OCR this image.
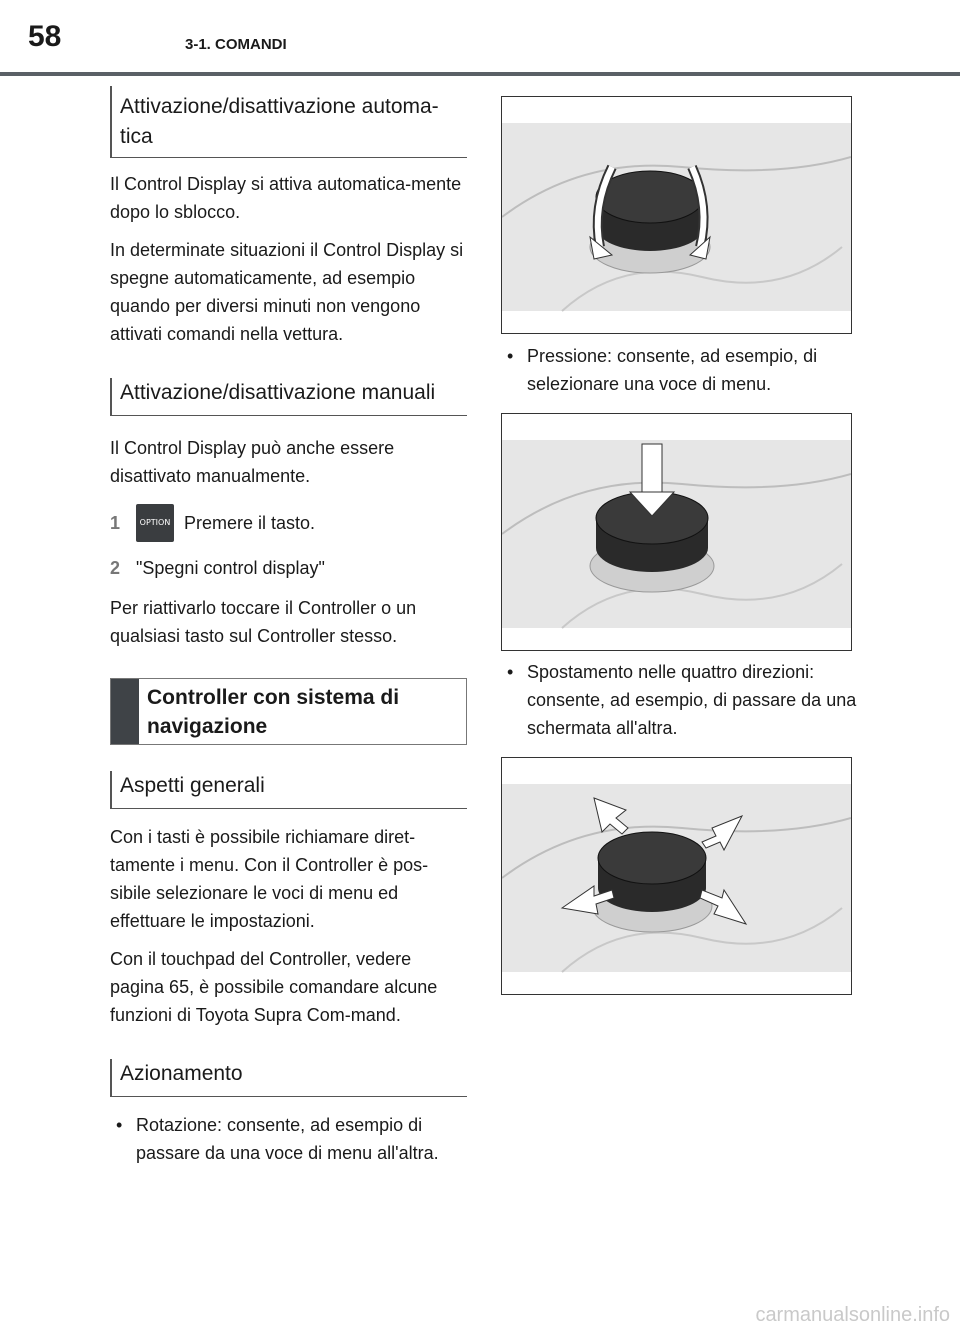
58	3-1. COMANDI
Attivazione/disattivazione automa-tica

Il Control Display si attiva automatica-mente dopo lo sblocco.

In determinate situazioni il Control Display si spegne automaticamente, ad esempio quando per diversi minuti non vengono attivati comandi nella vettura.

Attivazione/disattivazione manuali

Il Control Display può anche essere disattivato manualmente.

1	OPTION Premere il tasto.
2 "Spegni control display"

Per riattivarlo toccare il Controller o un qualsiasi tasto sul Controller stesso.

Controller con sistema di navigazione
Aspetti generali

Con i tasti è possibile richiamare diret-tamente i menu. Con il Controller è pos-sibile selezionare le voci di menu ed effettuare le impostazioni.

Con il touchpad del Controller, vedere pagina 65, è possibile comandare alcune funzioni di Toyota Supra Com-mand.

Azionamento
• Rotazione: consente, ad esempio di passare da una voce di menu all'altra.
• Pressione: consente, ad esempio, di selezionare una voce di menu.
• Spostamento nelle quattro direzioni: consente, ad esempio, di passare da una schermata all'altra.
carmanualsonline.info
